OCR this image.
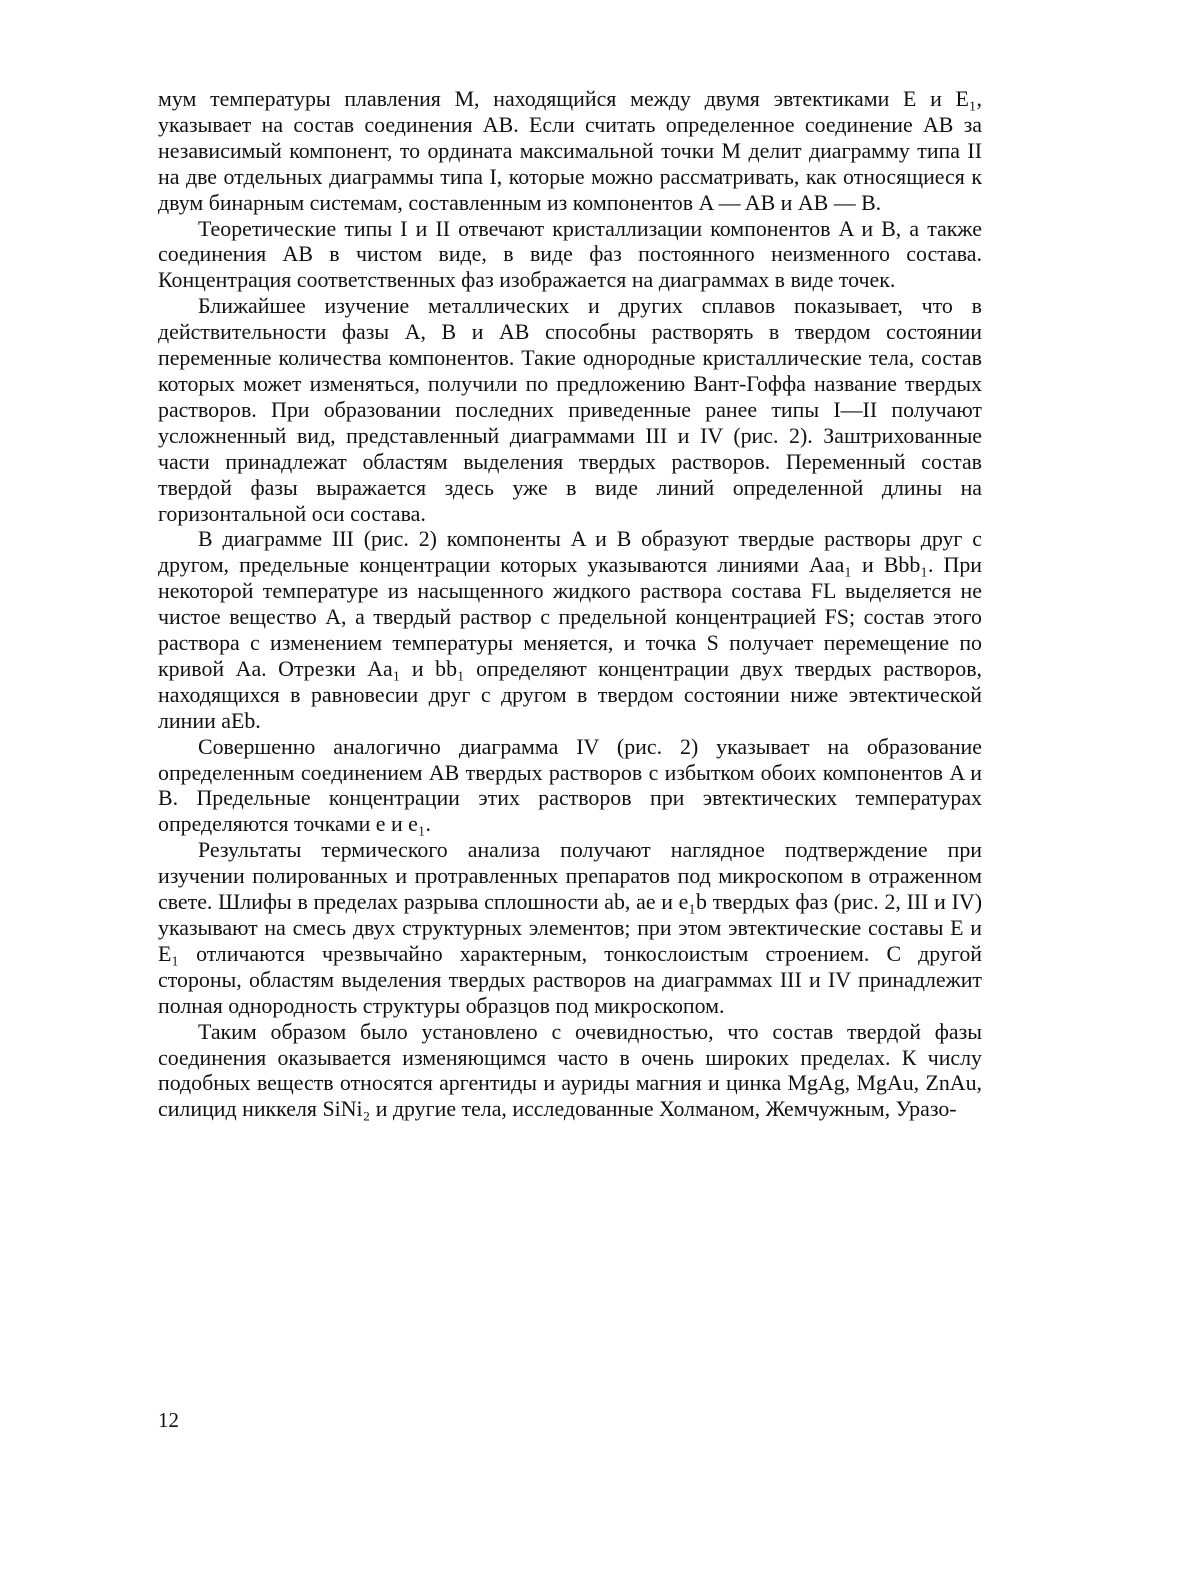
мум температуры плавления M, находящийся между двумя эвтектиками E и E₁, указывает на состав соединения AB. Если считать определенное соединение AB за независимый компонент, то ордината максимальной точки M делит диаграмму типа II на две отдельных диаграммы типа I, которые можно рассматривать, как относящиеся к двум бинарным системам, составленным из компонентов A — AB и AB — B.

Теоретические типы I и II отвечают кристаллизации компонентов A и B, а также соединения AB в чистом виде, в виде фаз постоянного неизменного состава. Концентрация соответственных фаз изображается на диаграммах в виде точек.

Ближайшее изучение металлических и других сплавов показывает, что в действительности фазы A, B и AB способны растворять в твердом состоянии переменные количества компонентов. Такие однородные кристаллические тела, состав которых может изменяться, получили по предложению Вант-Гоффа название твердых растворов. При образовании последних приведенные ранее типы I—II получают усложненный вид, представленный диаграммами III и IV (рис. 2). Заштрихованные части принадлежат областям выделения твердых растворов. Переменный состав твердой фазы выражается здесь уже в виде линий определенной длины на горизонтальной оси состава.

В диаграмме III (рис. 2) компоненты A и B образуют твердые растворы друг с другом, предельные концентрации которых указываются линиями Aaa₁ и Bbb₁. При некоторой температуре из насыщенного жидкого раствора состава FL выделяется не чистое вещество A, а твердый раствор с предельной концентрацией FS; состав этого раствора с изменением температуры меняется, и точка S получает перемещение по кривой Aa. Отрезки Aa₁ и bb₁ определяют концентрации двух твердых растворов, находящихся в равновесии друг с другом в твердом состоянии ниже эвтектической линии aEb.

Совершенно аналогично диаграмма IV (рис. 2) указывает на образование определенным соединением AB твердых растворов с избытком обоих компонентов A и B. Предельные концентрации этих растворов при эвтектических температурах определяются точками e и e₁.

Результаты термического анализа получают наглядное подтверждение при изучении полированных и протравленных препаратов под микроскопом в отраженном свете. Шлифы в пределах разрыва сплошности ab, ae и e₁b твердых фаз (рис. 2, III и IV) указывают на смесь двух структурных элементов; при этом эвтектические составы E и E₁ отличаются чрезвычайно характерным, тонкослоистым строением. С другой стороны, областям выделения твердых растворов на диаграммах III и IV принадлежит полная однородность структуры образцов под микроскопом.

Таким образом было установлено с очевидностью, что состав твердой фазы соединения оказывается изменяющимся часто в очень широких пределах. К числу подобных веществ относятся аргентиды и ауриды магния и цинка MgAg, MgAu, ZnAu, силицид никкеля SiNi₂ и другие тела, исследованные Холманом, Жемчужным, Уразо-

12
